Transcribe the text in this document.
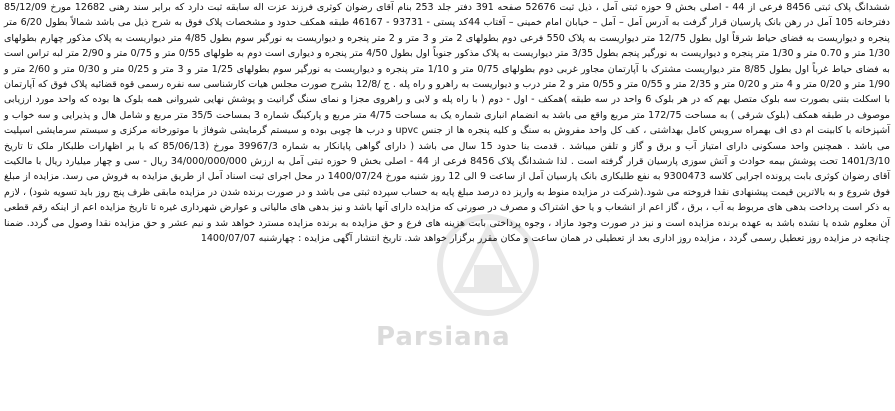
ششدانگ پلاک ثبتی 8456 فرعی از 44 - اصلی بخش 9 حوزه ثبتی آمل ، ذیل ثبت 52676 صفحه 391 دفتر جلد 253 بنام آقای رضوان کوثری فرزند عزت اله سابقه ثبت دارد که برابر سند رهنی 12682 مورخ 85/12/09 دفترخانه 105 آمل در رهن بانک پارسیان قرار گرفت به آدرس آمل – آمل – خیابان امام خمینی – آفتاب 44کد پستی - 93731 - 46167 طبقه همکف حدود و مشخصات پلاک فوق به شرح ذیل می باشد شمالاً بطول 6/20 متر پنجره و دیواریست به فضای حیاط شرقاً اول بطول 12/75 متر دیواریست به پلاک 550 فرعی دوم بطولهای 2 متر و 3 متر و 2 متر پنجره و دیواریست به نورگیر سوم بطول 4/85 متر دیواریست به پلاک مذکور چهارم بطولهای 1/30 متر و 0.70 متر و 1/30 متر پنجره و دیواریست به نورگیر پنجم بطول 3/35 متر دیواریست به پلاک مذکور جنوباً اول بطول 4/50 متر پنجره و دیواری است دوم به طولهای 0/55 متر و 0/75 متر و 2/90 متر لبه تراس است به فضای حیاط غرباً اول بطول 8/85 متر دیواریست مشترک با آپارتمان مجاور غربی دوم بطولهای 0/75 متر و 1/10 متر پنجره و دیواریست به نورگیر سوم بطولهای 1/25 متر و 3 متر و 0/25 متر و 0/30 متر و 2/60 متر و 1/90 متر و 0/20 متر و 4 متر و 0/20 متر و 2/35 متر و 0/55 متر و 0/55 متر و 2 متر درب و دیواریست به راهرو و راه پله . ج /12/8 بشرح صورت مجلس هیات کارشناسی سه نفره رسمی قوه قضائیه پلاک فوق که آپارتمان با اسکلت بتنی بصورت سه بلوک متصل بهم که در هر بلوک 6 واحد در سه طبقه )همکف - اول - دوم ( با راه پله و لابی و راهروی مجزا و نمای سنگ گرانیت و پوشش نهایی شیروانی همه بلوک ها بوده که واحد مورد ارزیابی موصوف در طبقه همکف (بلوک شرقی ) به مساحت 172/75 متر مربع واقع می باشد به انضمام انباری شماره یک به مساحت 4/75 متر مربع و پارکینگ شماره 3 بمساحت 35/5 متر مربع و شامل هال و پذیرایی و سه خواب و آشپزخانه با کابینت ام دی اف بهمراه سرویس کامل بهداشتی ، کف کل واحد مفروش به سنگ و کلیه پنجره ها از جنس upvc و درب ها چوبی بوده و سیستم گرمایشی شوفاژ با موتورخانه مرکزی و سیستم سرمایشی اسپلیت می باشد . همچنین واحد مسکونی دارای امتیاز آب و برق و گاز و تلفن میباشد . قدمت بنا حدود 15 سال می باشد ( دارای گواهی پایانکار به شماره 39967/3 مورخ (85/06/13 که با بر اظهارات طلبکار ملک تا تاریخ 1401/3/10 تحت پوشش بیمه حوادث و آتش سوزی پارسیان قرار گرفته است . لذا ششدانگ پلاک 8456 فرعی از 44 - اصلی بخش 9 حوزه ثبتی آمل به ارزش 34/000/000/000 ریال - سی و چهار میلیارد ریال با مالکیت آقای رضوان کوثری بابت پرونده اجرایی کلاسه 9300473 به نفع طلبکاری بانک پارسیان آمل از ساعت 9 الی 12 روز شنبه مورخ 1400/07/24 در محل اجرای ثبت اسناد آمل از طریق مزایده به فروش می رسد. مزایده از مبلغ فوق شروع و به بالاترین قیمت پیشنهادی نقدا فروخته می شود.(شرکت در مزایده منوط به واریز ده درصد مبلغ پایه به حساب سپرده ثبتی می باشد و در صورت برنده شدن در مزایده مابقی ظرف پنج روز باید تسویه شود) ، لازم به ذکر است پرداخت بدهی های مربوط به آب ، برق ، گاز اعم از انشعاب و یا حق اشتراک و مصرف در صورتی که مزایده دارای آنها باشد و نیز بدهی های مالیاتی و عوارض شهرداری غیره تا تاریخ مزایده اعم از اینکه رقم قطعی آن معلوم شده یا نشده باشد به عهده برنده مزایده است و نیز در صورت وجود مازاد ، وجوه پرداختی بابت هزینه های فرع و حق مزایده به برنده مزایده مسترد خواهد شد و نیم عشر و حق مزایده نقدا وصول می گردد. ضمنا چنانچه در مزایده روز تعطیل رسمی گردد ، مزایده روز اداری بعد از تعطیلی در همان ساعت و مکان مقرر برگزار خواهد شد. تاریخ انتشار آگهی مزایده : چهارشنبه 1400/07/07

Parsiana
